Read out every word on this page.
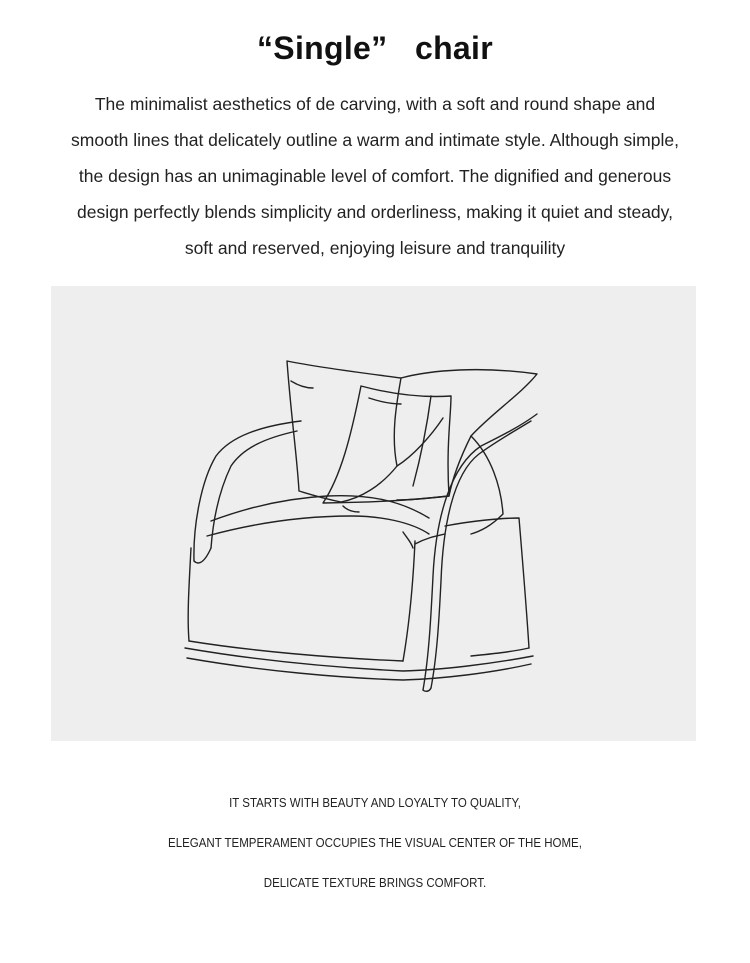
“Single”   chair

The minimalist aesthetics of de carving, with a soft and round shape and smooth lines that delicately outline a warm and intimate style. Although simple, the design has an unimaginable level of comfort. The dignified and generous design perfectly blends simplicity and orderliness, making it quiet and steady, soft and reserved, enjoying leisure and tranquility

IT STARTS WITH BEAUTY AND LOYALTY TO QUALITY,

ELEGANT TEMPERAMENT OCCUPIES THE VISUAL CENTER OF THE HOME,

DELICATE TEXTURE BRINGS COMFORT.
